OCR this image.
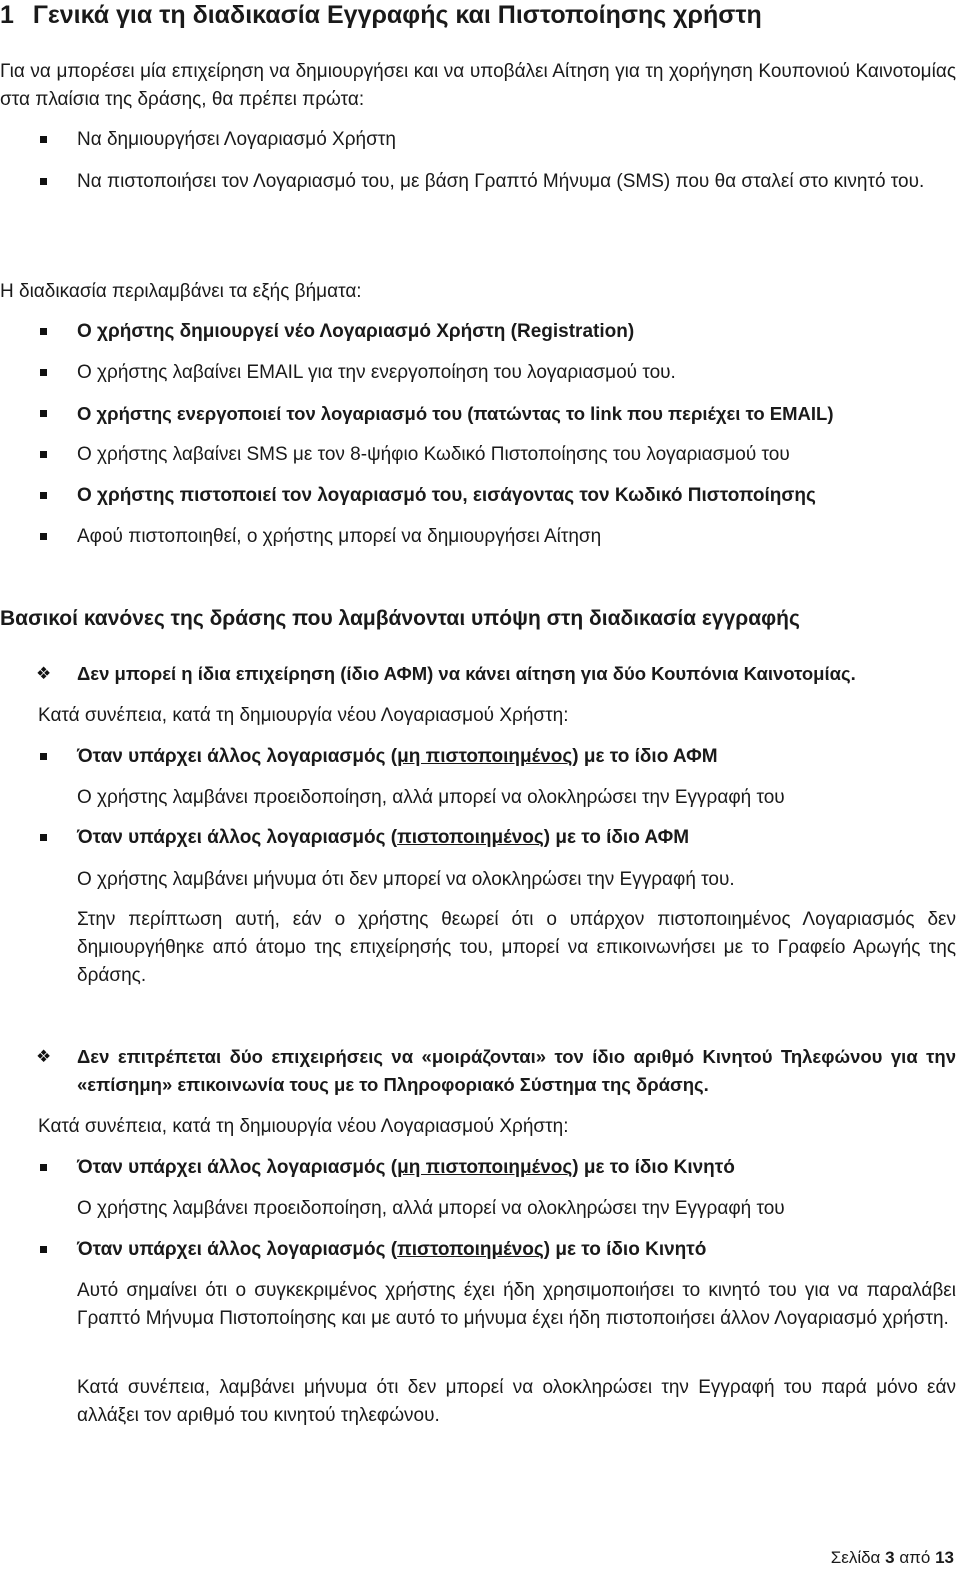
1 Γενικά για τη διαδικασία Εγγραφής και Πιστοποίησης χρήστη

Για να μπορέσει μία επιχείρηση να δημιουργήσει και να υποβάλει Αίτηση για τη χορήγηση Κουπονιού Καινοτομίας στα πλαίσια της δράσης, θα πρέπει πρώτα:

Να δημιουργήσει Λογαριασμό Χρήστη

Να πιστοποιήσει τον Λογαριασμό του, με βάση Γραπτό Μήνυμα (SMS) που θα σταλεί στο κινητό του.

Η διαδικασία περιλαμβάνει τα εξής βήματα:

Ο χρήστης δημιουργεί νέο Λογαριασμό Χρήστη (Registration)

Ο χρήστης λαβαίνει EMAIL για την ενεργοποίηση του λογαριασμού του.

Ο χρήστης ενεργοποιεί τον λογαριασμό του (πατώντας το link που περιέχει το EMAIL)

Ο χρήστης λαβαίνει SMS με τον 8-ψήφιο Κωδικό Πιστοποίησης του λογαριασμού του

Ο χρήστης πιστοποιεί τον λογαριασμό του, εισάγοντας τον Κωδικό Πιστοποίησης

Αφού πιστοποιηθεί, ο χρήστης μπορεί να δημιουργήσει Αίτηση

Βασικοί κανόνες της δράσης που λαμβάνονται υπόψη στη διαδικασία εγγραφής
❖ Δεν μπορεί η ίδια επιχείρηση (ίδιο ΑΦΜ) να κάνει αίτηση για δύο Κουπόνια Καινοτομίας.

Κατά συνέπεια, κατά τη δημιουργία νέου Λογαριασμού Χρήστη:

Όταν υπάρχει άλλος λογαριασμός (μη πιστοποιημένος) με το ίδιο ΑΦΜ

Ο χρήστης λαμβάνει προειδοποίηση, αλλά μπορεί να ολοκληρώσει την Εγγραφή του

Όταν υπάρχει άλλος λογαριασμός (πιστοποιημένος) με το ίδιο ΑΦΜ

Ο χρήστης λαμβάνει μήνυμα ότι δεν μπορεί να ολοκληρώσει την Εγγραφή του.

Στην περίπτωση αυτή, εάν ο χρήστης θεωρεί ότι ο υπάρχον πιστοποιημένος Λογαριασμός δεν δημιουργήθηκε από άτομο της επιχείρησής του, μπορεί να επικοινωνήσει με το Γραφείο Αρωγής της δράσης.

❖ Δεν επιτρέπεται δύο επιχειρήσεις να «μοιράζονται» τον ίδιο αριθμό Κινητού Τηλεφώνου για την «επίσημη» επικοινωνία τους με το Πληροφοριακό Σύστημα της δράσης.

Κατά συνέπεια, κατά τη δημιουργία νέου Λογαριασμού Χρήστη:

Όταν υπάρχει άλλος λογαριασμός (μη πιστοποιημένος) με το ίδιο Κινητό

Ο χρήστης λαμβάνει προειδοποίηση, αλλά μπορεί να ολοκληρώσει την Εγγραφή του

Όταν υπάρχει άλλος λογαριασμός (πιστοποιημένος) με το ίδιο Κινητό

Αυτό σημαίνει ότι ο συγκεκριμένος χρήστης έχει ήδη χρησιμοποιήσει το κινητό του για να παραλάβει Γραπτό Μήνυμα Πιστοποίησης και με αυτό το μήνυμα έχει ήδη πιστοποιήσει άλλον Λογαριασμό χρήστη.

Κατά συνέπεια, λαμβάνει μήνυμα ότι δεν μπορεί να ολοκληρώσει την Εγγραφή του παρά μόνο εάν αλλάξει τον αριθμό του κινητού τηλεφώνου.

Σελίδα 3 από 13
